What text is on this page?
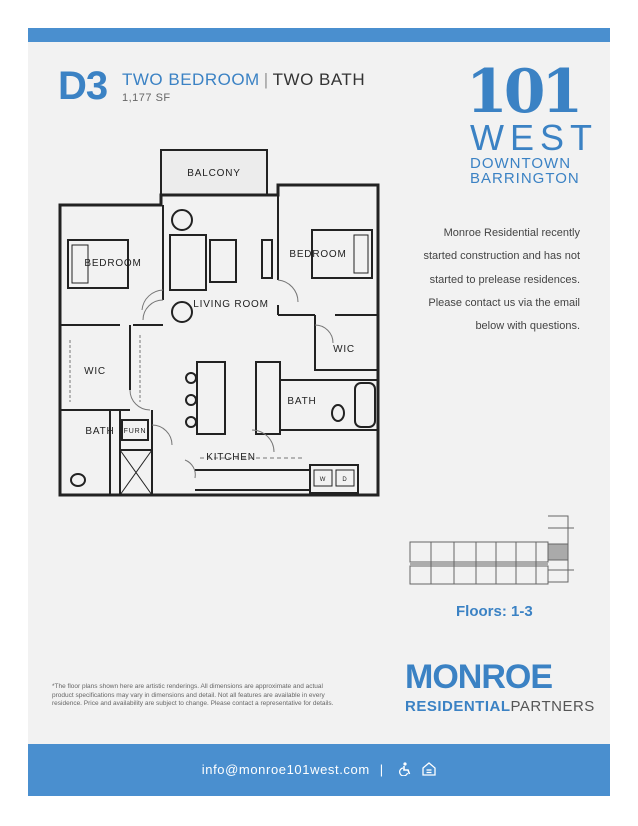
D3 TWO BEDROOM | TWO BATH
1,177 SF	101
WEST
DOWNTOWN
BARRINGTON
Monroe Residential recently
started construction and has not
started to prelease residences.
Please contact us via the email
below with questions.
BALCONY
BEDROOM
BEDROOM
LIVING ROOM
WIC
WIC
BATH
BATH
FURN
KITCHEN
W	D
Floors: 1-3
MONROE
RESIDENTIALPARTNERS
*The floor plans shown here are artistic renderings. All dimensions are approximate and actual product specifications may vary in dimensions and detail. Not all features are available in every residence. Price and availability are subject to change. Please contact a representative for details.
info@monroe101west.com |
